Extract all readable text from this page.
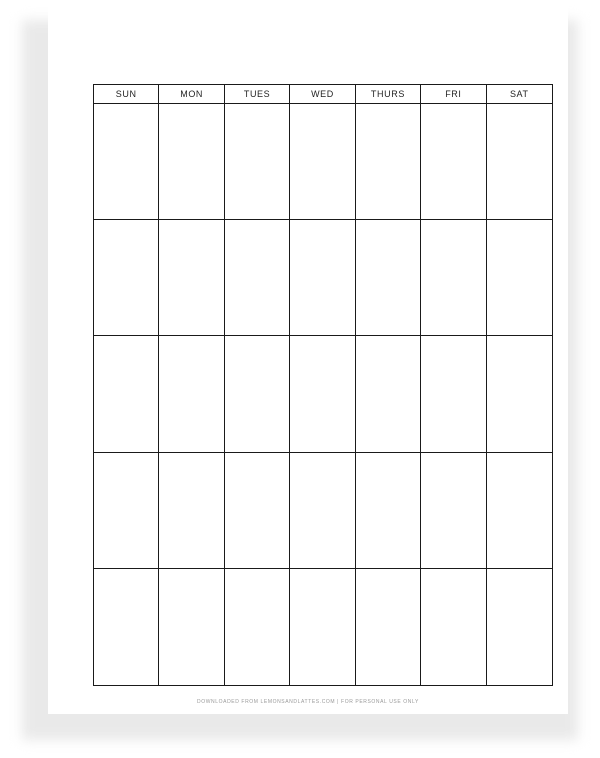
SUN	MON	TUES	WED	THURS	FRI	SAT
DOWNLOADED FROM LEMONSANDLATTES.COM | FOR PERSONAL USE ONLY
